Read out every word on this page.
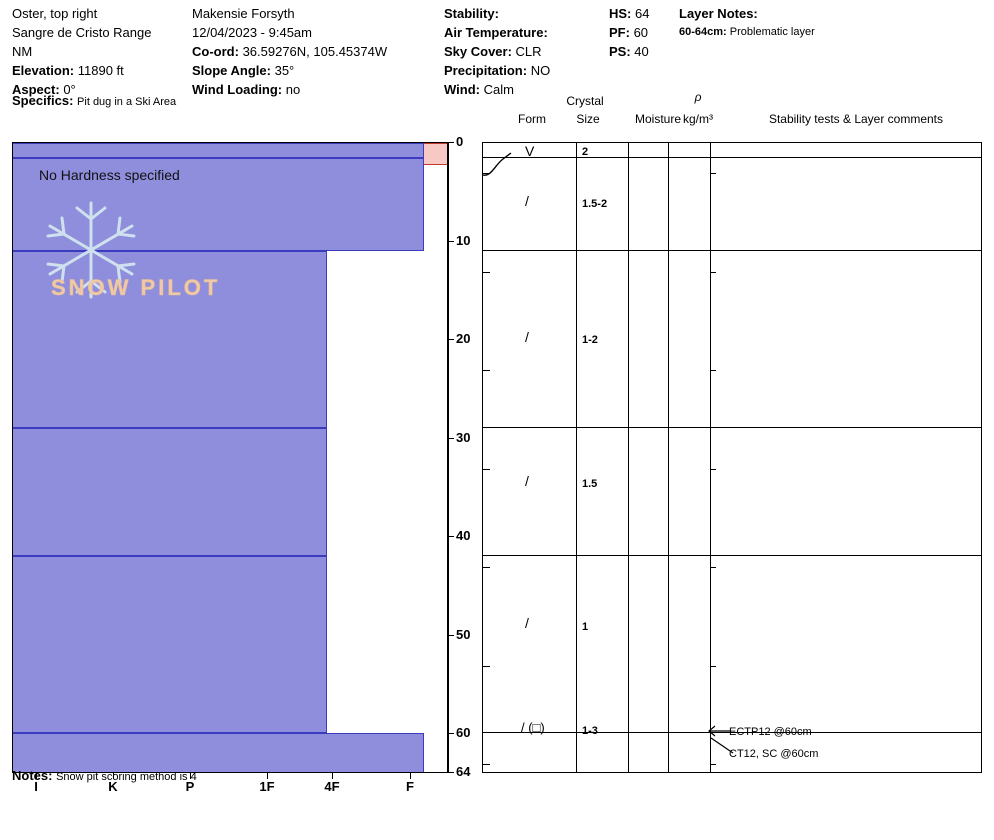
Oster, top right
Sangre de Cristo Range
NM
Elevation: 11890 ft
Aspect: 0°
Makensie Forsyth
12/04/2023 - 9:45am
Co-ord: 36.59276N, 105.45374W
Slope Angle: 35°
Wind Loading: no
Stability:
Air Temperature:
Sky Cover: CLR
Precipitation: NO
Wind: Calm
HS: 64
PF: 60
PS: 40
Layer Notes:
60-64cm: Problematic layer
Specifics: Pit dug in a Ski Area
No Hardness specified
SNOW PILOT
0
10
20
30
40
50
60
64
Crystal
Form	Size	Moisture
ρ
kg/m³	Stability tests & Layer comments
V	2
/	1.5-2
/	1-2
/	1.5
/	1
/ (□)	1-3	ECTP12 @60cm
CT12, SC @60cm
I	K	P	1F	4F	F
Notes: Snow pit scoring method is 4
